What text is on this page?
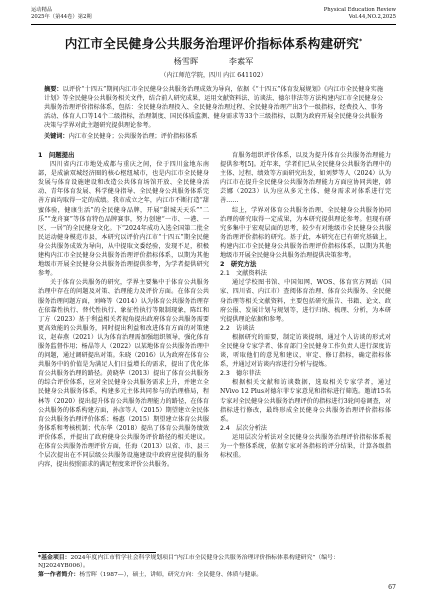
运动精品
2025年（第44卷）第2期
Physical Education Review
Vol.44,NO.2,2025
内江市全民健身公共服务治理评价指标体系构建研究*
杨雪晖	李素军
（内江师范学院，四川 内江 641102）
摘要：以评价“十四五”期间内江市全民健身公共服务治理成效为导向，依据《“十四五”体育发展规划》《内江市全民健身实施计划》等全民健身公共服务相关文件，结合前人研究成果，运用文献资料法、访谈法、德尔菲法等方法构建内江市全民健身公共服务治理评价指标体系，包括：全民健身治理投入、全民健身治理过程、全民健身治理产出3个一级指标，经费投入、事务活动、体育人口等14个二级指标，治理制度、国民体质监测、健身需求等33个三级指标，以期为政府开展全民健身公共服务决策与学界对此主题研究提供理论参考。
关键词：内江市全民健身；公共服务治理；评价指标体系

1　问题提出

四川省内江市地处成都与重庆之间，位于四川盆地东南部，是成渝双城经济圈的核心枢纽城市，也是内江市全民健身发展与体育设施建设和改造公共体育场馆开放、全民健身活动、青年体育发展、科学健身指导、全民健身公共服务体系完善方面均取得一定的成绩。我市成立之年，内江市不断打造“甜蜜体验，健康生活”的全民健身品牌，开展“甜城天天乐”“二乐”“龙舟赛”等体育特色品牌赛事，努力创建“一市、一港、一区、一居”的全民健身文化。下“2024年成功入选全国第二批全民运动健身模范市县，本研究以评价内江市“十四五”期全民健身公共服务成效为导向，从中提取文委经验，发现不足，积极建构内江市全民健身公共服务治理评价指标体系，以期为其他地级市开展全民健身公共服务治理提供参考，为学者提供研究参考。

关于体育公共服务的研究，学界主要集中于体育公共服务治理中存在的问题及对策、治理能力及评价方面。在体育公共服务治理问题方面，刘峰等（2014）认为体育公共服务治理存在依靠性执行、替代性执行、象征性执行等限制现象，陈红和丁方（2023）基于利益相关者视角提出政府体育公共服务需要更高效能的公共服务，同时提出利益和改进体育方面的对策建议，赵春燕（2021）认为体育治理需加强组织领导，强化体育服务监督作用；杨晶等人（2022）以某地体育公共服务治理中的问题，通过调研提出对策。朱晓（2016）认为政府在体育公共服务中的价值是为满足人们日益增长的需求，提出了优化体育公共服务治理的路径。黄晓华（2013）提出了体育公共服务的综合评价体系，应对全民健身公共服务需求上升，并建立全民健身公共服务体系，构建多元主体共同参与的治理格局，程林等（2020）提出提升体育公共服务治理能力的路径，在体育公共服务的体系构建方面，孙彦等人（2015）期望建立全民体育公共服务治理评价体系；杨惠（2015）期望建立体育公共服务体系和考核机制；代东华（2018）提出了体育公共服务绩效评价体系，并提出了政府健身公共服务评价路径的相关建议。在体育公共服务治理评价方面，任海（2013）以省、市、县三个层次提出在不同层级公共服务设施建设中政府应提供的服务内容，提出按照需求的满足程度来评价公共服务。

育服务组织评价体系，以及为提升体育公共服务治理能力提供参考[5]。近年来，学者们已从全民健身公共服务治理中的主体、过程、绩效等方面研究出发，如刘梦等人（2024）认为内江市在提升全民健身公共服务治理能力方面应协同共建，韩芸娜（2023）认为应从多元主体、健身需求对体系进行完善……

综上，学界对体育公共服务治理、全民健身公共服务协同治理的研究取得一定成果，为本研究提供理论参考。但现有研究多集中于宏观层面的思考，较少有对地级市全民健身公共服务治理评价指标的研究。基于此，本研究在已有研究基础上，构建内江市全民健身公共服务治理评价指标体系，以期为其他地级市开展全民健身公共服务治理提供决策参考。

2　研究方法

2.1　文献资料法

通过学校图书馆、中国知网、WOS、体育官方网站（国家、四川省、内江市）查阅体育治理、体育公共服务、全民健身治理等相关文献资料，主要包括研究报告、书籍、论文、政府公报、发展计划与规划等，进行归纳、梳理、分析，为本研究提供理论依据和参考。

2.2　访谈法

根据研究的需要，制定访谈提纲，通过个人访谈的形式对全民健身专家学者、体育部门全民健身工作负责人进行深度访谈，听取他们的意见和建议，审定、修订指标，确定指标体系，并通过对访谈内容进行分析与提炼。

2.3　德尔菲法

根据相关文献和访谈数据，选取相关专家学者，通过NVivo 12 Plus对德尔菲专家意见和指标进行筛选。邀请15名专家对全民健身公共服务治理评价的指标进行3轮问卷调查，对指标进行修改，最终形成全民健身公共服务治理评价指标体系。

2.4　层次分析法

运用层次分析法对全民健身公共服务治理评价指标体系视为一个整体系统，依据专家对各指标的评分结果，计算各级指标权重。

*基金项目：2024年度内江市哲学社会科学规划项目“内江市全民健身公共服务治理评价指标体系构建研究”（编号：NJ2024YB006）。
第一作者简介：杨雪晖（1987—），硕士，讲师，研究方向：全民健身、体质与健康。
67
